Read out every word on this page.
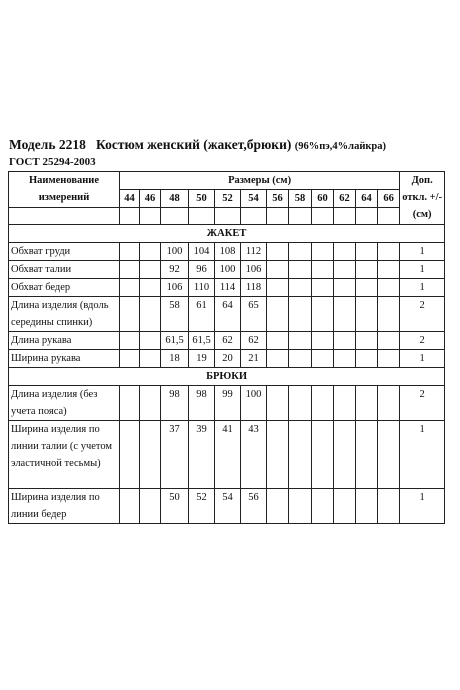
Модель 2218 Костюм женский (жакет,брюки) (96%пэ,4%лайкра)
ГОСТ 25294-2003
Наименование измерений	Размеры (см)												Доп. откл. +/- (см)
	44	46	48	50	52	54	56	58	60	62	64	66	

ЖАКЕТ													
Обхват груди			100	104	108	112							1
Обхват талии			92	96	100	106							1
Обхват бедер			106	110	114	118							1
Длина изделия (вдоль середины спинки)			58	61	64	65							2
Длина рукава			61,5	61,5	62	62							2
Ширина рукава			18	19	20	21							1
БРЮКИ													
Длина изделия (без учета пояса)			98	98	99	100							2
Ширина изделия по линии талии (с учетом эластичной тесьмы)			37	39	41	43							1
Ширина изделия по линии бедер			50	52	54	56							1
